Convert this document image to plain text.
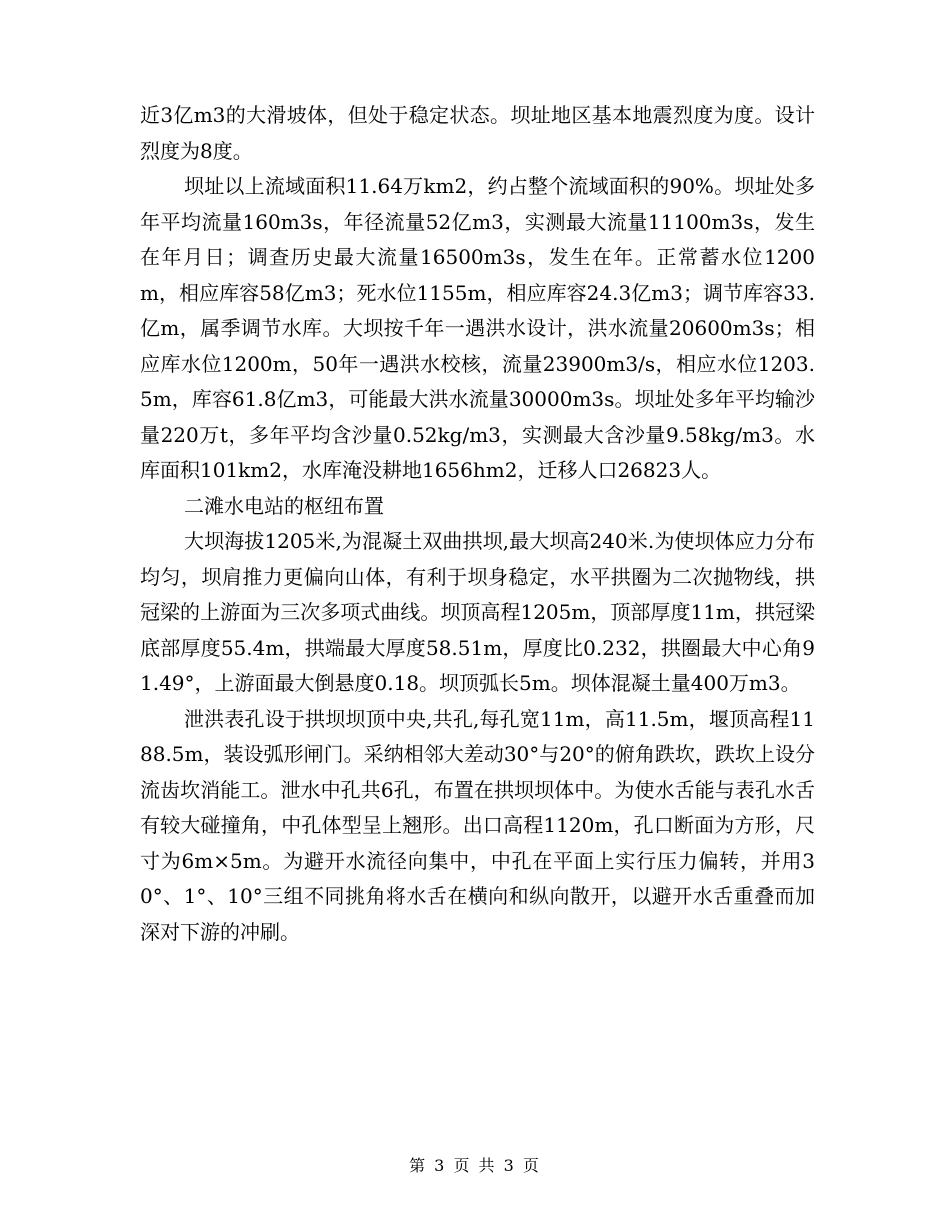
近3亿m3的大滑坡体，但处于稳定状态。坝址地区基本地震烈度为度。设计烈度为8度。

坝址以上流域面积11.64万km2，约占整个流域面积的90%。坝址处多年平均流量160m3s，年径流量52亿m3，实测最大流量11100m3s，发生在年月日；调查历史最大流量16500m3s，发生在年。正常蓄水位1200m，相应库容58亿m3；死水位1155m，相应库容24.3亿m3；调节库容33.亿m，属季调节水库。大坝按千年一遇洪水设计，洪水流量20600m3s；相应库水位1200m，50年一遇洪水校核，流量23900m3/s，相应水位1203.5m，库容61.8亿m3，可能最大洪水流量30000m3s。坝址处多年平均输沙量220万t，多年平均含沙量0.52kg/m3，实测最大含沙量9.58kg/m3。水库面积101km2，水库淹没耕地1656hm2，迁移人口26823人。

二滩水电站的枢纽布置

大坝海拔1205米,为混凝土双曲拱坝,最大坝高240米.为使坝体应力分布均匀，坝肩推力更偏向山体，有利于坝身稳定，水平拱圈为二次抛物线，拱冠梁的上游面为三次多项式曲线。坝顶高程1205m，顶部厚度11m，拱冠梁底部厚度55.4m，拱端最大厚度58.51m，厚度比0.232，拱圈最大中心角91.49°，上游面最大倒悬度0.18。坝顶弧长5m。坝体混凝土量400万m3。

泄洪表孔设于拱坝坝顶中央,共孔,每孔宽11m，高11.5m，堰顶高程1188.5m，装设弧形闸门。采纳相邻大差动30°与20°的俯角跌坎，跌坎上设分流齿坎消能工。泄水中孔共6孔，布置在拱坝坝体中。为使水舌能与表孔水舌有较大碰撞角，中孔体型呈上翘形。出口高程1120m，孔口断面为方形，尺寸为6m×5m。为避开水流径向集中，中孔在平面上实行压力偏转，并用30°、1°、10°三组不同挑角将水舌在横向和纵向散开，以避开水舌重叠而加深对下游的冲刷。

第 3 页 共 3 页
